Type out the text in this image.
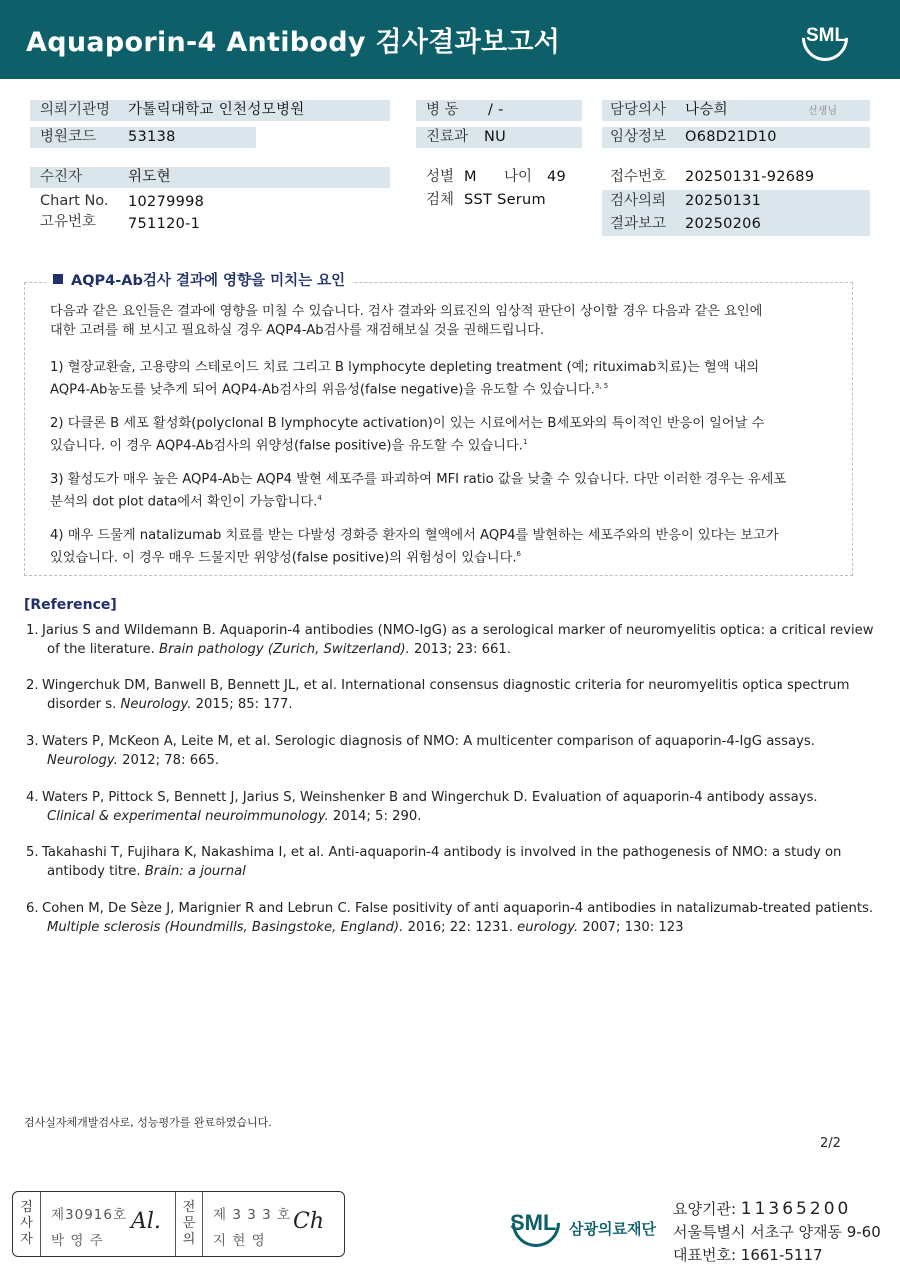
Aquaporin-4 Antibody 검사결과보고서	SML
의뢰기관명 가톨릭대학교 인천성모병원
병원코드 53138
병 동 / -
진료과 NU
담당의사 나승희	선생님
임상정보 O68D21D10
수진자	위도현
Chart No. 10279998
고유번호 751120-1
성별 M 나이 49
검체 SST Serum
접수번호 20250131-92689
검사의뢰 20250131
결과보고 20250206
AQP4-Ab검사 결과에 영향을 미치는 요인
다음과 같은 요인들은 결과에 영향을 미칠 수 있습니다. 검사 결과와 의료진의 임상적 판단이 상이할 경우 다음과 같은 요인에
대한 고려를 해 보시고 필요하실 경우 AQP4-Ab검사를 재검해보실 것을 권해드립니다.
1) 혈장교환술, 고용량의 스테로이드 치료 그리고 B lymphocyte depleting treatment (예; rituximab치료)는 혈액 내의
AQP4-Ab농도를 낮추게 되어 AQP4-Ab검사의 위음성(false negative)을 유도할 수 있습니다.$^{3, 5}$
2) 다클론 B 세포 활성화(polyclonal B lymphocyte activation)이 있는 시료에서는 B세포와의 특이적인 반응이 일어날 수
있습니다. 이 경우 AQP4-Ab검사의 위양성(false positive)을 유도할 수 있습니다.$^1$
3) 활성도가 매우 높은 AQP4-Ab는 AQP4 발현 세포주를 파괴하여 MFI ratio 값을 낮출 수 있습니다. 다만 이러한 경우는 유세포
분석의 dot plot data에서 확인이 가능합니다.$^4$
4) 매우 드물게 natalizumab 치료를 받는 다발성 경화증 환자의 혈액에서 AQP4를 발현하는 세포주와의 반응이 있다는 보고가
있었습니다. 이 경우 매우 드물지만 위양성(false positive)의 위험성이 있습니다.$^6$
[Reference]
1. Jarius S and Wildemann B. Aquaporin-4 antibodies (NMO-IgG) as a serological marker of neuromyelitis optica: a critical review
of the literature. Brain pathology (Zurich, Switzerland). 2013; 23: 661.
2. Wingerchuk DM, Banwell B, Bennett JL, et al. International consensus diagnostic criteria for neuromyelitis optica spectrum
disorder s. Neurology. 2015; 85: 177.
3. Waters P, McKeon A, Leite M, et al. Serologic diagnosis of NMO: A multicenter comparison of aquaporin-4-IgG assays.
Neurology. 2012; 78: 665.
4. Waters P, Pittock S, Bennett J, Jarius S, Weinshenker B and Wingerchuk D. Evaluation of aquaporin-4 antibody assays.
Clinical & experimental neuroimmunology. 2014; 5: 290.
5. Takahashi T, Fujihara K, Nakashima I, et al. Anti-aquaporin-4 antibody is involved in the pathogenesis of NMO: a study on
antibody titre. Brain: a journal
6. Cohen M, De Sèze J, Marignier R and Lebrun C. False positivity of anti aquaporin-4 antibodies in natalizumab-treated patients.
Multiple sclerosis (Houndmills, Basingstoke, England). 2016; 22: 1231. eurology. 2007; 130: 123
검사실자체개발검사로, 성능평가를 완료하였습니다.
2/2
검
사
자
제30916호
박 영 주
Al.
전
문
의
제 3 3 3 호
지 현 영
Ch	SML 삼광의료재단
요양기관: 11365200
서울특별시 서초구 양재동 9-60
대표번호: 1661-5117
